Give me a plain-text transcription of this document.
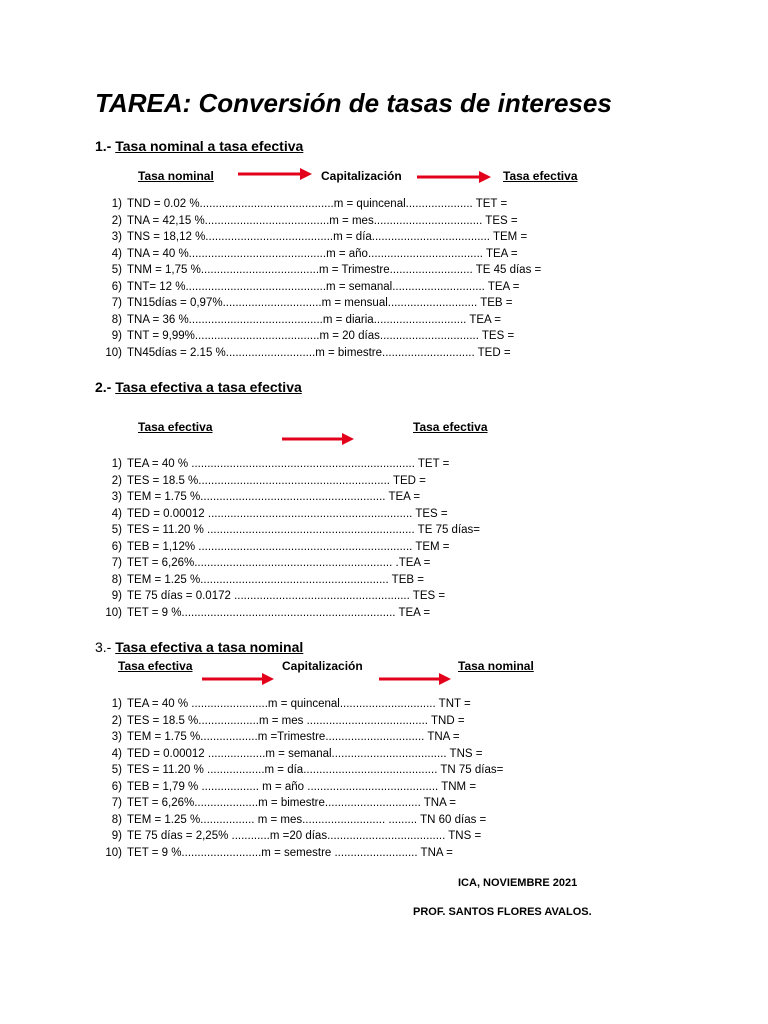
TAREA: Conversión de tasas de intereses
1.- Tasa nominal a tasa efectiva
Tasa nominal	Capitalización	Tasa efectiva
1) TND = 0.02 %..........................................m = quincenal..................... TET =
2) TNA = 42,15 %.......................................m = mes.................................. TES =
3) TNS = 18,12 %........................................m = día..................................... TEM =
4) TNA = 40 %...........................................m = año.................................... TEA =
5) TNM = 1,75 %.....................................m = Trimestre.......................... TE 45 días =
6) TNT= 12 %............................................m = semanal............................. TEA =
7) TN15días = 0,97%...............................m = mensual............................ TEB =
8) TNA = 36 %..........................................m = diaria............................. TEA =
9) TNT = 9,99%.......................................m = 20 días............................... TES =
10) TN45días = 2.15 %............................m = bimestre............................. TED =
2.- Tasa efectiva a tasa efectiva
Tasa efectiva	Tasa efectiva
1) TEA = 40 % ...................................................................... TET =
2) TES = 18.5 %............................................................ TED =
3) TEM = 1.75 %.......................................................... TEA =
4) TED = 0.00012 ................................................................ TES =
5) TES = 11.20 % ................................................................. TE 75 días=
6) TEB = 1,12% ................................................................... TEM =
7) TET = 6,26%.............................................................. .TEA =
8) TEM = 1.25 %........................................................... TEB =
9) TE 75 días = 0.0172 ....................................................... TES =
10) TET = 9 %................................................................... TEA =
3.- Tasa efectiva a tasa nominal
Tasa efectiva	Capitalización	Tasa nominal
1) TEA = 40 % ........................m = quincenal.............................. TNT =
2) TES = 18.5 %...................m = mes ...................................... TND =
3) TEM = 1.75 %..................m =Trimestre............................... TNA =
4) TED = 0.00012 ..................m = semanal.................................... TNS =
5) TES = 11.20 % ..................m = día.......................................... TN 75 días=
6) TEB = 1,79 % .................. m = año ......................................... TNM =
7) TET = 6,26%....................m = bimestre.............................. TNA =
8) TEM = 1.25 %................. m = mes.......................... ......... TN 60 días =
9) TE 75 días = 2,25% ............m =20 días..................................... TNS =
10) TET = 9 %.........................m = semestre .......................... TNA =
ICA, NOVIEMBRE 2021
PROF. SANTOS FLORES AVALOS.
